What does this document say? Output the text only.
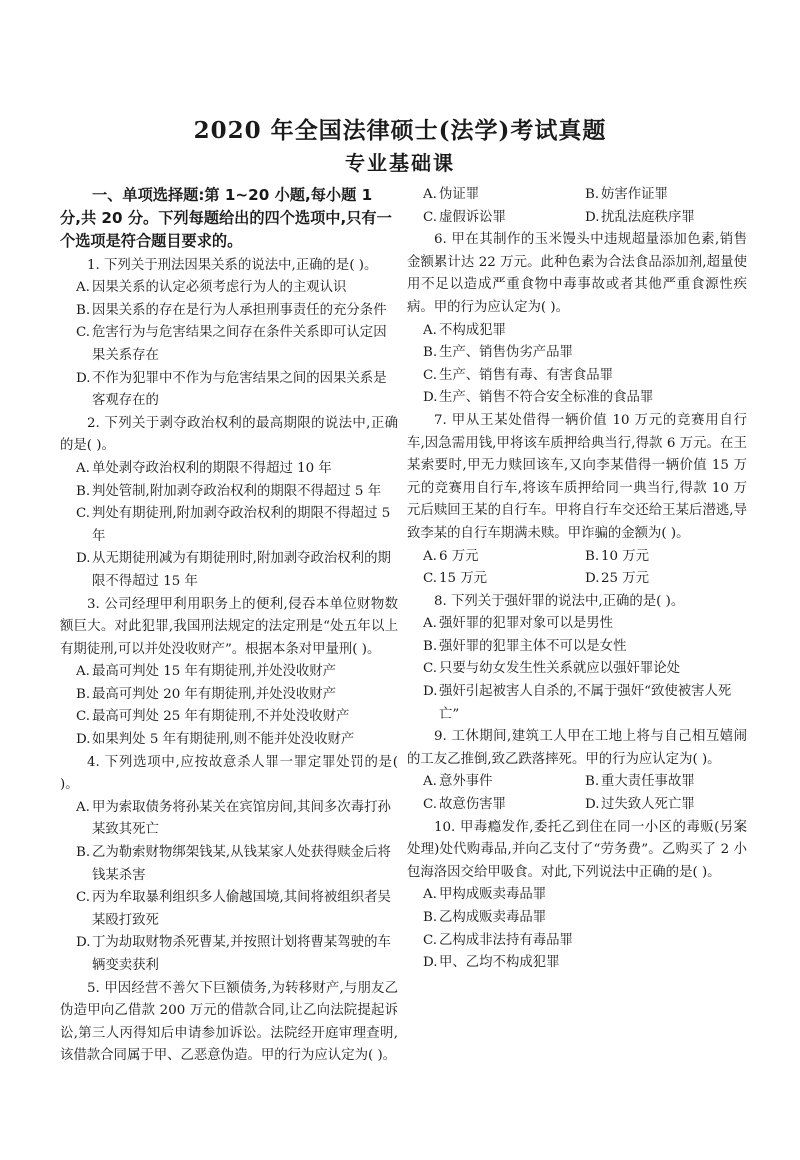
2020 年全国法律硕士(法学)考试真题
专业基础课
一、单项选择题:第 1~20 小题,每小题 1 分,共 20 分。下列每题给出的四个选项中,只有一个选项是符合题目要求的。

1. 下列关于刑法因果关系的说法中,正确的是( )。

A. 因果关系的认定必须考虑行为人的主观认识

B. 因果关系的存在是行为人承担刑事责任的充分条件

C. 危害行为与危害结果之间存在条件关系即可认定因果关系存在

D.不作为犯罪中不作为与危害结果之间的因果关系是客观存在的

2. 下列关于剥夺政治权利的最高期限的说法中,正确的是( )。

A. 单处剥夺政治权利的期限不得超过 10 年

B. 判处管制,附加剥夺政治权利的期限不得超过 5 年

C. 判处有期徒刑,附加剥夺政治权利的期限不得超过 5 年

D.从无期徒刑减为有期徒刑时,附加剥夺政治权利的期限不得超过 15 年

3. 公司经理甲利用职务上的便利,侵吞本单位财物数额巨大。对此犯罪,我国刑法规定的法定刑是“处五年以上有期徒刑,可以并处没收财产”。根据本条对甲量刑( )。

A. 最高可判处 15 年有期徒刑,并处没收财产

B. 最高可判处 20 年有期徒刑,并处没收财产

C. 最高可判处 25 年有期徒刑,不并处没收财产

D.如果判处 5 年有期徒刑,则不能并处没收财产

4. 下列选项中,应按故意杀人罪一罪定罪处罚的是( )。

A. 甲为索取债务将孙某关在宾馆房间,其间多次毒打孙某致其死亡

B. 乙为勒索财物绑架钱某,从钱某家人处获得赎金后将钱某杀害

C. 丙为牟取暴利组织多人偷越国境,其间将被组织者吴某殴打致死

D.丁为劫取财物杀死曹某,并按照计划将曹某驾驶的车辆变卖获利

5. 甲因经营不善欠下巨额债务,为转移财产,与朋友乙伪造甲向乙借款 200 万元的借款合同,让乙向法院提起诉讼,第三人丙得知后申请参加诉讼。法院经开庭审理查明,该借款合同属于甲、乙恶意伪造。甲的行为应认定为( )。

A. 伪证罪	B. 妨害作证罪
C. 虚假诉讼罪	D.扰乱法庭秩序罪

6. 甲在其制作的玉米馒头中违规超量添加色素,销售金额累计达 22 万元。此种色素为合法食品添加剂,超量使用不足以造成严重食物中毒事故或者其他严重食源性疾病。甲的行为应认定为( )。

A. 不构成犯罪

B. 生产、销售伪劣产品罪

C. 生产、销售有毒、有害食品罪

D.生产、销售不符合安全标准的食品罪

7. 甲从王某处借得一辆价值 10 万元的竞赛用自行车,因急需用钱,甲将该车质押给典当行,得款 6 万元。在王某索要时,甲无力赎回该车,又向李某借得一辆价值 15 万元的竞赛用自行车,将该车质押给同一典当行,得款 10 万元后赎回王某的自行车。甲将自行车交还给王某后潜逃,导致李某的自行车期满未赎。甲诈骗的金额为( )。

A. 6 万元	B. 10 万元
C. 15 万元	D.25 万元

8. 下列关于强奸罪的说法中,正确的是( )。

A. 强奸罪的犯罪对象可以是男性

B. 强奸罪的犯罪主体不可以是女性

C. 只要与幼女发生性关系就应以强奸罪论处

D.强奸引起被害人自杀的,不属于强奸“致使被害人死亡”

9. 工休期间,建筑工人甲在工地上将与自己相互嬉闹的工友乙推倒,致乙跌落摔死。甲的行为应认定为( )。

A. 意外事件	B. 重大责任事故罪
C. 故意伤害罪	D.过失致人死亡罪

10. 甲毒瘾发作,委托乙到住在同一小区的毒贩(另案处理)处代购毒品,并向乙支付了“劳务费”。乙购买了 2 小包海洛因交给甲吸食。对此,下列说法中正确的是( )。

A. 甲构成贩卖毒品罪

B. 乙构成贩卖毒品罪

C. 乙构成非法持有毒品罪

D.甲、乙均不构成犯罪
